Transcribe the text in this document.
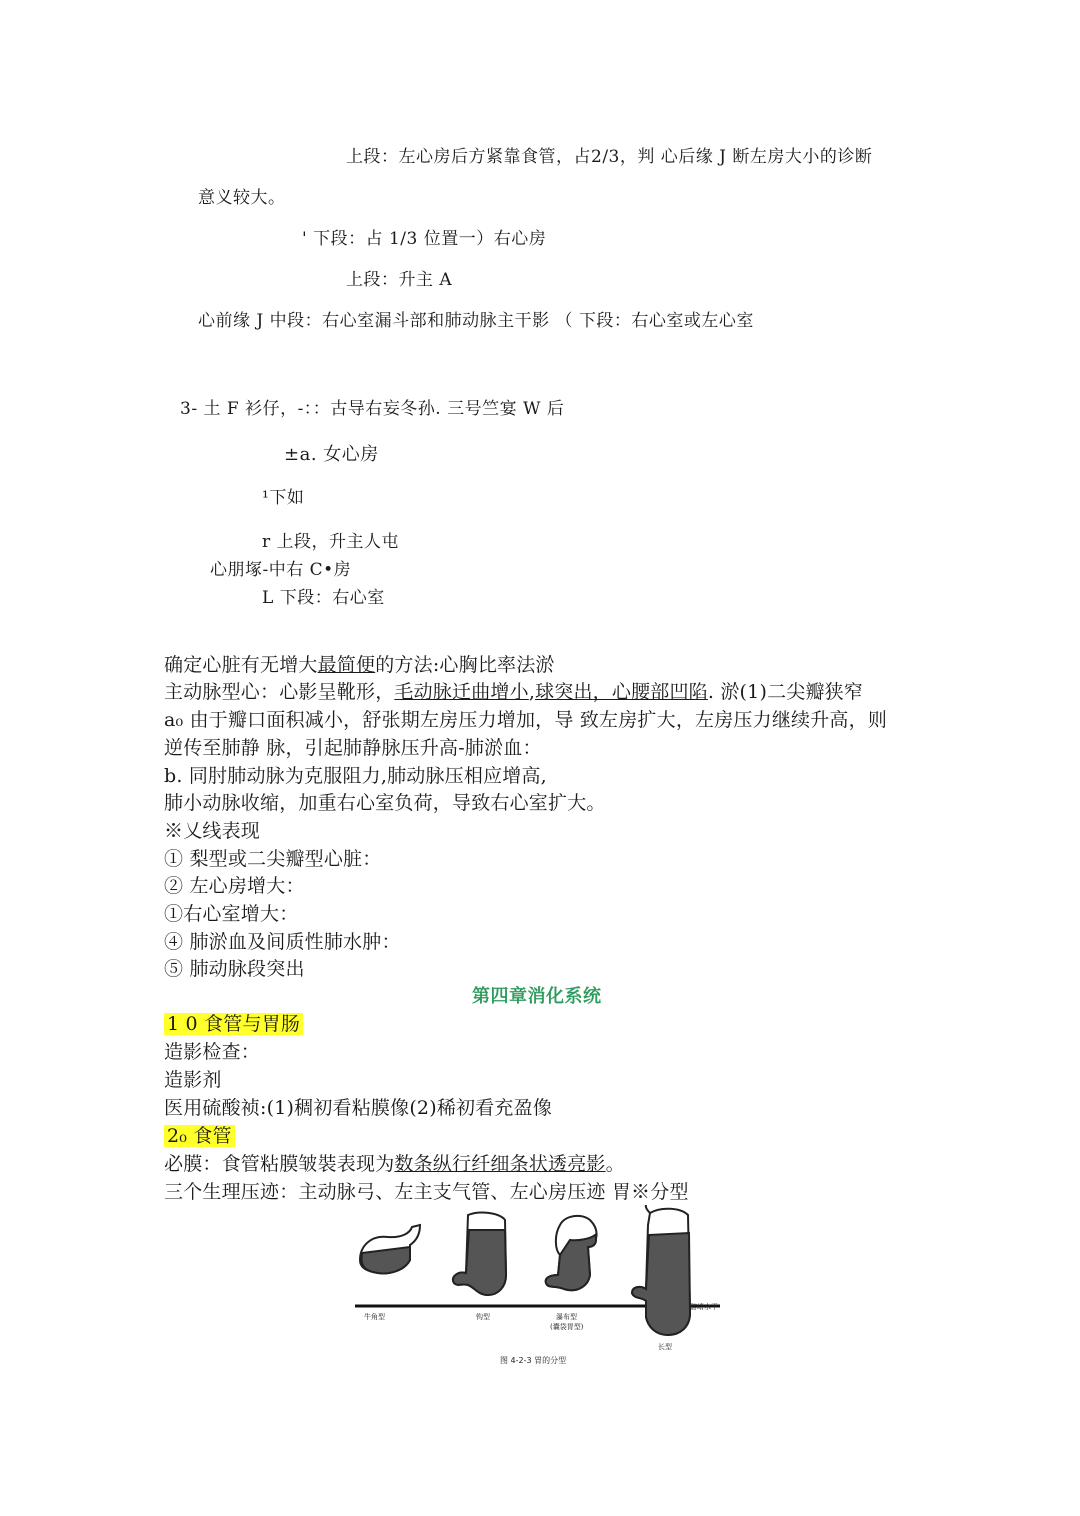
上段：左心房后方紧靠食管，占2/3，判 心后缘 J 断左房大小的诊断
意义较大。
' 下段：占 1/3 位置一）右心房
上段：升主 A
心前缘 J 中段：右心室漏斗部和肺动脉主干影 （ 下段：右心室或左心室
3- 土 F 衫仔，-：：古导右妄冬孙. 三号竺宴 W 后
±a. 女心房
¹下如
r 上段，升主人屯
心朋塚-中右 C•房
L 下段：右心室
确定心脏有无增大最简便的方法:心胸比率法淤
主动脉型心：心影呈靴形，毛动脉迁曲增小,球突出，心腰部凹陷. 淤(1)二尖瓣狭窄
a₀ 由于瓣口面积减小，舒张期左房压力增加，导 致左房扩大，左房压力继续升高，则
逆传至肺静 脉，引起肺静脉压升高-肺淤血：
b. 同肘肺动脉为克服阻力,肺动脉压相应增高,
肺小动脉收缩，加重右心室负荷，导致右心室扩大。
※乂线表现
① 梨型或二尖瓣型心脏：
② 左心房增大：
①右心室增大：
④ 肺淤血及间质性肺水肿：
⑤ 肺动脉段突出
第四章消化系统
1 0 食管与胃肠
造影检查：
造影剂
医用硫酸祯:(1)稠初看粘膜像(2)稀初看充盈像
2₀ 食管
必膜：食管粘膜皱裝表现为数条纵行纤细条状透亮影。
三个生理压迹：主动脉弓、左主支气管、左心房压迹 胃※分型
牛角型	钩型	瀑布型
(囊袋胃型)
长型
髂嵴水平
图 4-2-3 胃的分型
